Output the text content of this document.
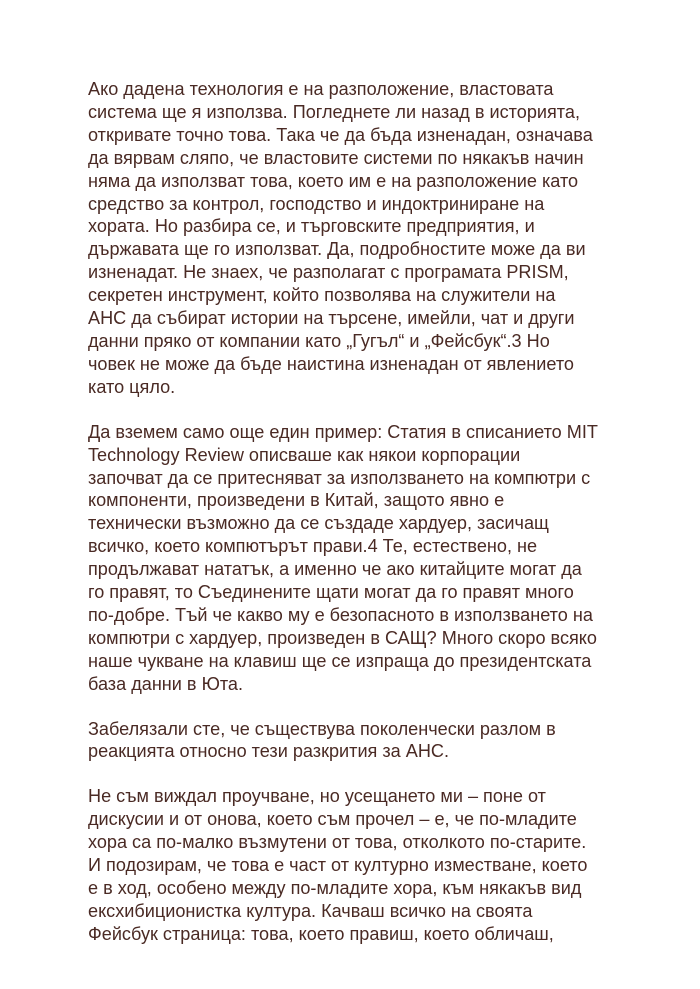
Ако дадена технология е на разположение, властовата
система ще я използва. Погледнете ли назад в историята,
откривате точно това. Така че да бъда изненадан, означава
да вярвам сляпо, че властовите системи по някакъв начин
няма да използват това, което им е на разположение като
средство за контрол, господство и индоктриниране на
хората. Но разбира се, и търговските предприятия, и
държавата ще го използват. Да, подробностите може да ви
изненадат. Не знаех, че разполагат с програмата PRISM,
секретен инструмент, който позволява на служители на
АНС да събират истории на търсене, имейли, чат и други
данни пряко от компании като „Гугъл“ и „Фейсбук“.3 Но
човек не може да бъде наистина изненадан от явлението
като цяло.

Да вземем само още един пример: Статия в списанието MIT
Technology Review описваше как някои корпорации
започват да се притесняват за използването на компютри с
компоненти, произведени в Китай, защото явно е
технически възможно да се създаде хардуер, засичащ
всичко, което компютърът прави.4 Те, естествено, не
продължават нататък, а именно че ако китайците могат да
го правят, то Съединените щати могат да го правят много
по-добре. Тъй че какво му е безопасното в използването на
компютри с хардуер, произведен в САЩ? Много скоро всяко
наше чукване на клавиш ще се изпраща до президентската
база данни в Юта.

Забелязали сте, че съществува поколенчески разлом в
реакцията относно тези разкрития за АНС.

Не съм виждал проучване, но усещането ми – поне от
дискусии и от онова, което съм прочел – е, че по-младите
хора са по-малко възмутени от това, отколкото по-старите.
И подозирам, че това е част от културно изместване, което
е в ход, особено между по-младите хора, към някакъв вид
ексхибиционистка култура. Качваш всичко на своята
Фейсбук страница: това, което правиш, което обличаш,
